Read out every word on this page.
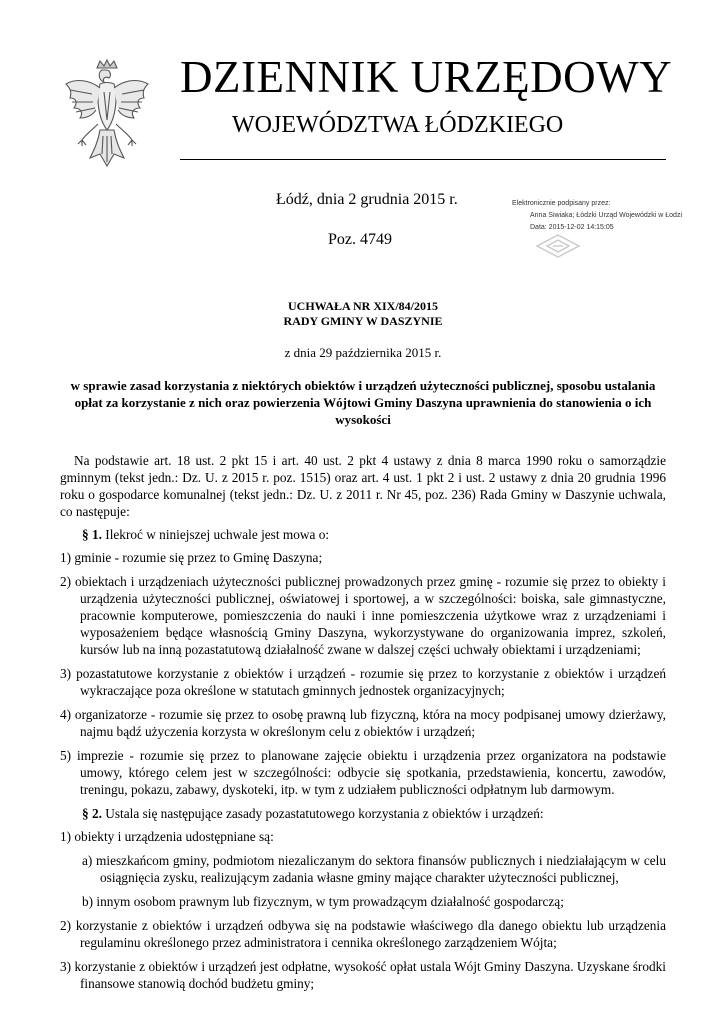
DZIENNIK URZĘDOWY
WOJEWÓDZTWA ŁÓDZKIEGO
Łódź, dnia 2 grudnia 2015 r.
Poz. 4749
Elektronicznie podpisany przez:
Anna Siwiaka; Łódzki Urząd Wojewódzki w Łodzi
Data: 2015-12-02 14:15:05
UCHWAŁA NR XIX/84/2015
RADY GMINY W DASZYNIE
z dnia 29 października 2015 r.
w sprawie zasad korzystania z niektórych obiektów i urządzeń użyteczności publicznej, sposobu ustalania opłat za korzystanie z nich oraz powierzenia Wójtowi Gminy Daszyna uprawnienia do stanowienia o ich wysokości

Na podstawie art. 18 ust. 2 pkt 15 i art. 40 ust. 2 pkt 4 ustawy z dnia 8 marca 1990 roku o samorządzie gminnym (tekst jedn.: Dz. U. z 2015 r. poz. 1515) oraz art. 4 ust. 1 pkt 2 i ust. 2 ustawy z dnia 20 grudnia 1996 roku o gospodarce komunalnej (tekst jedn.: Dz. U. z 2011 r. Nr 45, poz. 236) Rada Gminy w Daszynie uchwala, co następuje:

§ 1. Ilekroć w niniejszej uchwale jest mowa o:

1) gminie - rozumie się przez to Gminę Daszyna;

2) obiektach i urządzeniach użyteczności publicznej prowadzonych przez gminę - rozumie się przez to obiekty i urządzenia użyteczności publicznej, oświatowej i sportowej, a w szczególności: boiska, sale gimnastyczne, pracownie komputerowe, pomieszczenia do nauki i inne pomieszczenia użytkowe wraz z urządzeniami i wyposażeniem będące własnością Gminy Daszyna, wykorzystywane do organizowania imprez, szkoleń, kursów lub na inną pozastatutową działalność zwane w dalszej części uchwały obiektami i urządzeniami;

3) pozastatutowe korzystanie z obiektów i urządzeń - rozumie się przez to korzystanie z obiektów i urządzeń wykraczające poza określone w statutach gminnych jednostek organizacyjnych;

4) organizatorze - rozumie się przez to osobę prawną lub fizyczną, która na mocy podpisanej umowy dzierżawy, najmu bądź użyczenia korzysta w określonym celu z obiektów i urządzeń;

5) imprezie - rozumie się przez to planowane zajęcie obiektu i urządzenia przez organizatora na podstawie umowy, którego celem jest w szczególności: odbycie się spotkania, przedstawienia, koncertu, zawodów, treningu, pokazu, zabawy, dyskoteki, itp. w tym z udziałem publiczności odpłatnym lub darmowym.

§ 2. Ustala się następujące zasady pozastatutowego korzystania z obiektów i urządzeń:

1) obiekty i urządzenia udostępniane są:

a) mieszkańcom gminy, podmiotom niezaliczanym do sektora finansów publicznych i niedziałającym w celu osiągnięcia zysku, realizującym zadania własne gminy mające charakter użyteczności publicznej,

b) innym osobom prawnym lub fizycznym, w tym prowadzącym działalność gospodarczą;

2) korzystanie z obiektów i urządzeń odbywa się na podstawie właściwego dla danego obiektu lub urządzenia regulaminu określonego przez administratora i cennika określonego zarządzeniem Wójta;

3) korzystanie z obiektów i urządzeń jest odpłatne, wysokość opłat ustala Wójt Gminy Daszyna. Uzyskane środki finansowe stanowią dochód budżetu gminy;
